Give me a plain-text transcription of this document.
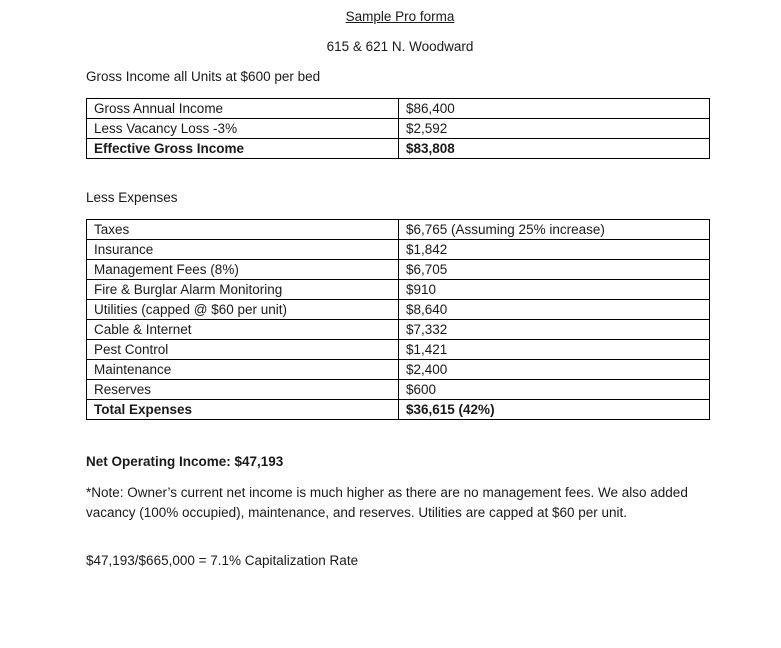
Sample Pro forma
615 & 621 N. Woodward
Gross Income all Units at $600 per bed
Gross Annual Income	$86,400
Less Vacancy Loss -3%	$2,592
Effective Gross Income	$83,808
Less Expenses
Taxes	$6,765 (Assuming 25% increase)
Insurance	$1,842
Management Fees (8%)	$6,705
Fire & Burglar Alarm Monitoring	$910
Utilities (capped @ $60 per unit)	$8,640
Cable & Internet	$7,332
Pest Control	$1,421
Maintenance	$2,400
Reserves	$600
Total Expenses	$36,615 (42%)
Net Operating Income: $47,193
*Note: Owner’s current net income is much higher as there are no management fees. We also added vacancy (100% occupied), maintenance, and reserves. Utilities are capped at $60 per unit.
$47,193/$665,000 = 7.1% Capitalization Rate
